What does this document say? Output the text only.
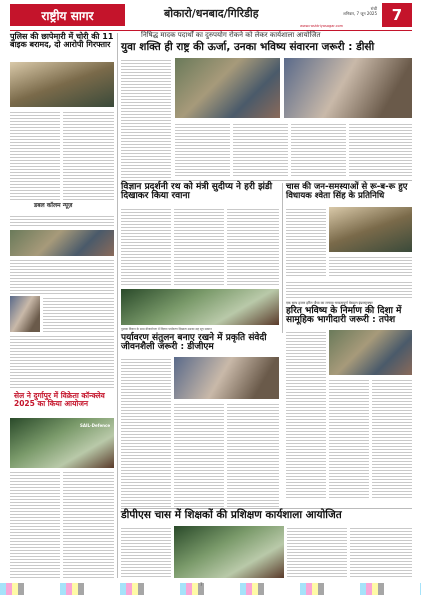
राष्ट्रीय सागर	बोकारो/धनबाद/गिरिडीह	रांची
शनिवार, 7 जून 2025 7
www.rashtriyasagar.com
पुलिस की छापेमारी में चोरी की 11 बाइक बरामद, दो आरोपी गिरफ्तार
डबल कॉलम न्यूज़
सेल ने दुर्गापुर में विक्रेता कॉन्क्लेव 2025 का किया आयोजन
SAIL-Defence
निषिद्ध मादक पदार्थों का दुरुपयोग रोकने को लेकर कार्यशाला आयोजित
युवा शक्ति ही राष्ट्र की ऊर्जा, उनका भविष्य संवारना जरूरी : डीसी
विज्ञान प्रदर्शनी रथ को मंत्री सुदीप्य ने हरी झंडी दिखाकर किया रवाना
पुस्तक विज्ञान के साथ बीजारोपण में विज्ञान पर्यावरण दिखाता उसका सह सूत्र सम्मान
चास की जन-समस्याओं से रू-ब-रू हुए विधायक श्वेता सिंह के प्रतिनिधि
एक साथ हजार हरित पौधा का लगाया भव्यतापूर्ण वेबदान इंफ्रास्ट्रक्चर
हरित भविष्य के निर्माण की दिशा में सामूहिक भागीदारी जरूरी : तपेश
पर्यावरण संतुलन बनाए रखने में प्रकृति संवेदी जीवनशैली जरूरी : डीजीएम
डीपीएस चास में शिक्षकों की प्रशिक्षण कार्यशाला आयोजित
7
